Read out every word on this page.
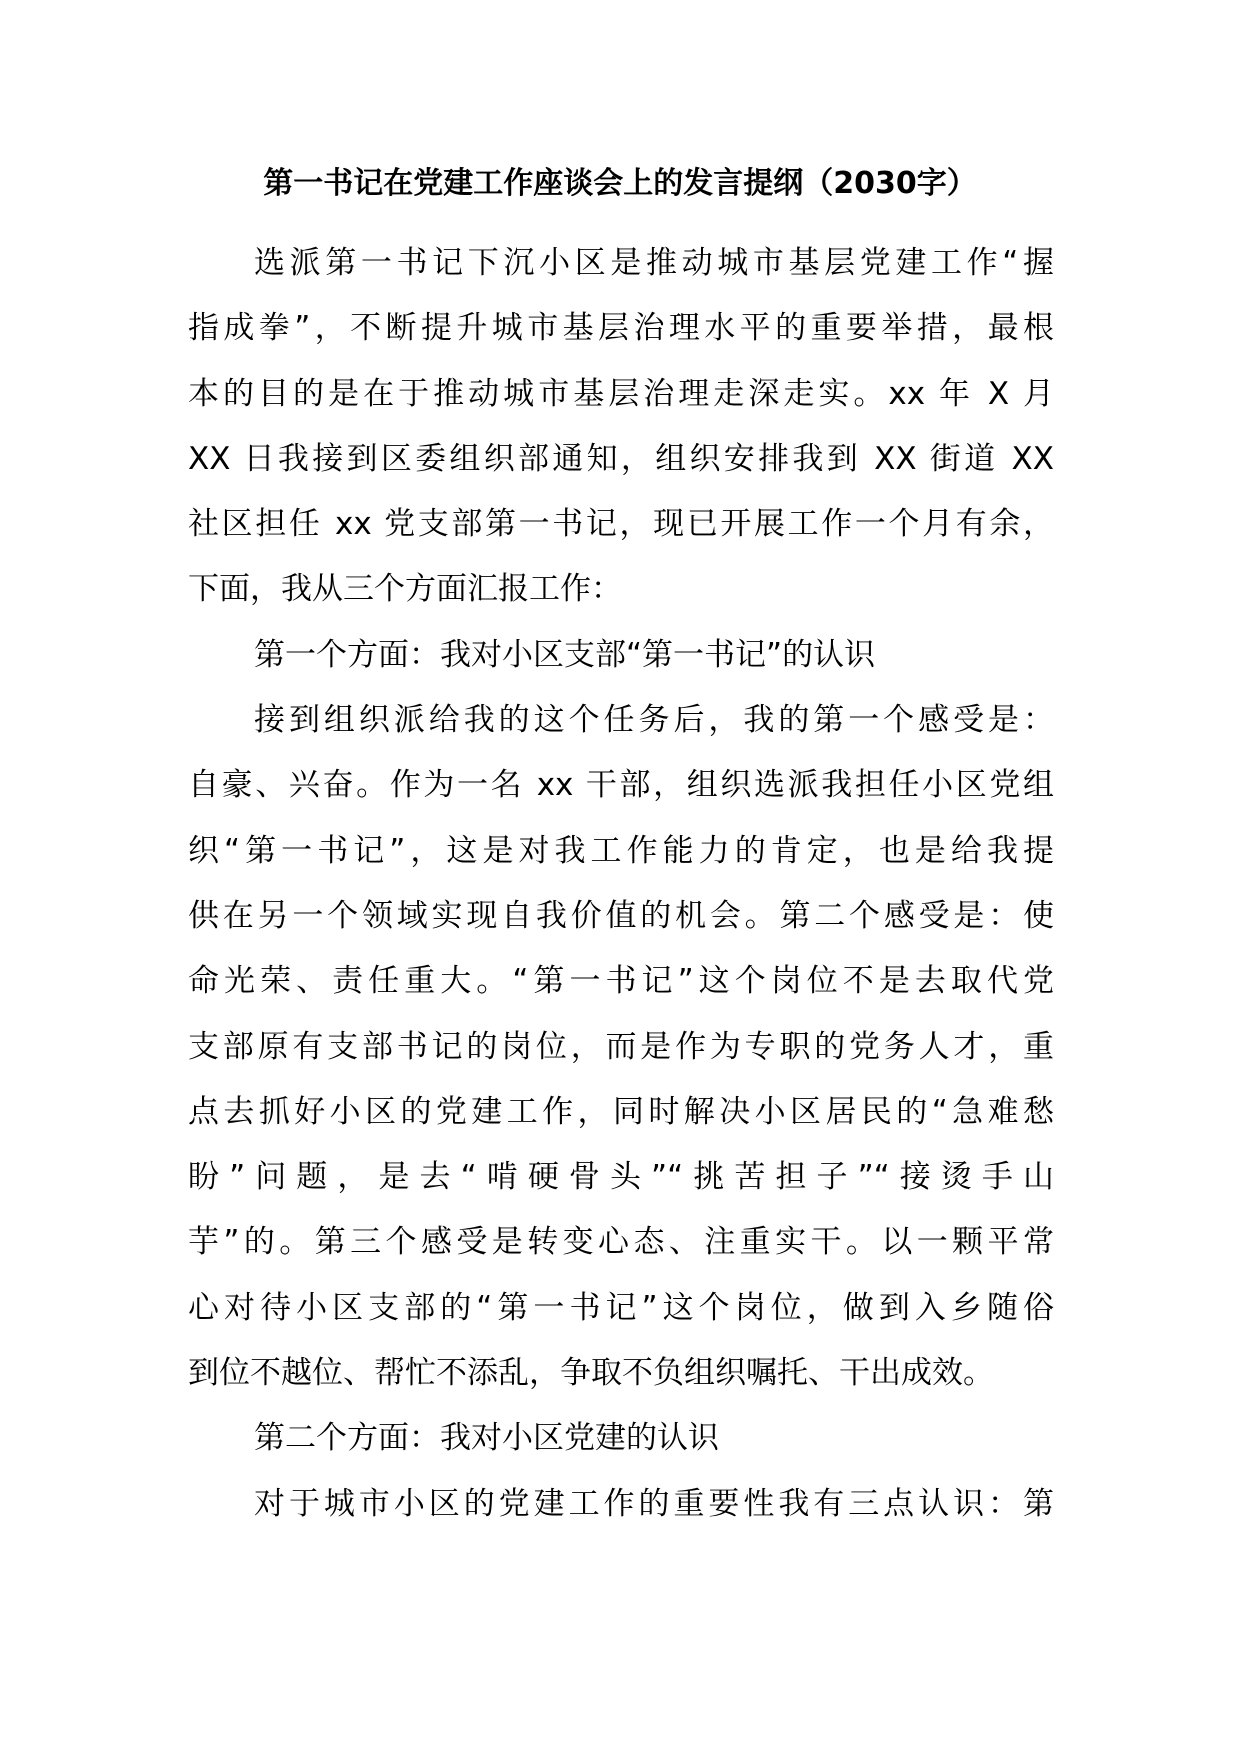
第一书记在党建工作座谈会上的发言提纲（2030字）
选派第一书记下沉小区是推动城市基层党建工作“握
指成拳”，不断提升城市基层治理水平的重要举措，最根
本的目的是在于推动城市基层治理走深走实。xx 年 X 月
XX 日我接到区委组织部通知，组织安排我到 XX 街道 XX
社区担任 xx 党支部第一书记，现已开展工作一个月有余，
下面，我从三个方面汇报工作：
第一个方面：我对小区支部“第一书记”的认识
接到组织派给我的这个任务后，我的第一个感受是：
自豪、兴奋。作为一名 xx 干部，组织选派我担任小区党组
织“第一书记”，这是对我工作能力的肯定，也是给我提
供在另一个领域实现自我价值的机会。第二个感受是：使
命光荣、责任重大。“第一书记”这个岗位不是去取代党
支部原有支部书记的岗位，而是作为专职的党务人才，重
点去抓好小区的党建工作，同时解决小区居民的“急难愁
盼”问题，是去“啃硬骨头”“挑苦担子”“接烫手山
芋”的。第三个感受是转变心态、注重实干。以一颗平常
心对待小区支部的“第一书记”这个岗位，做到入乡随俗
到位不越位、帮忙不添乱，争取不负组织嘱托、干出成效。
第二个方面：我对小区党建的认识
对于城市小区的党建工作的重要性我有三点认识：第
